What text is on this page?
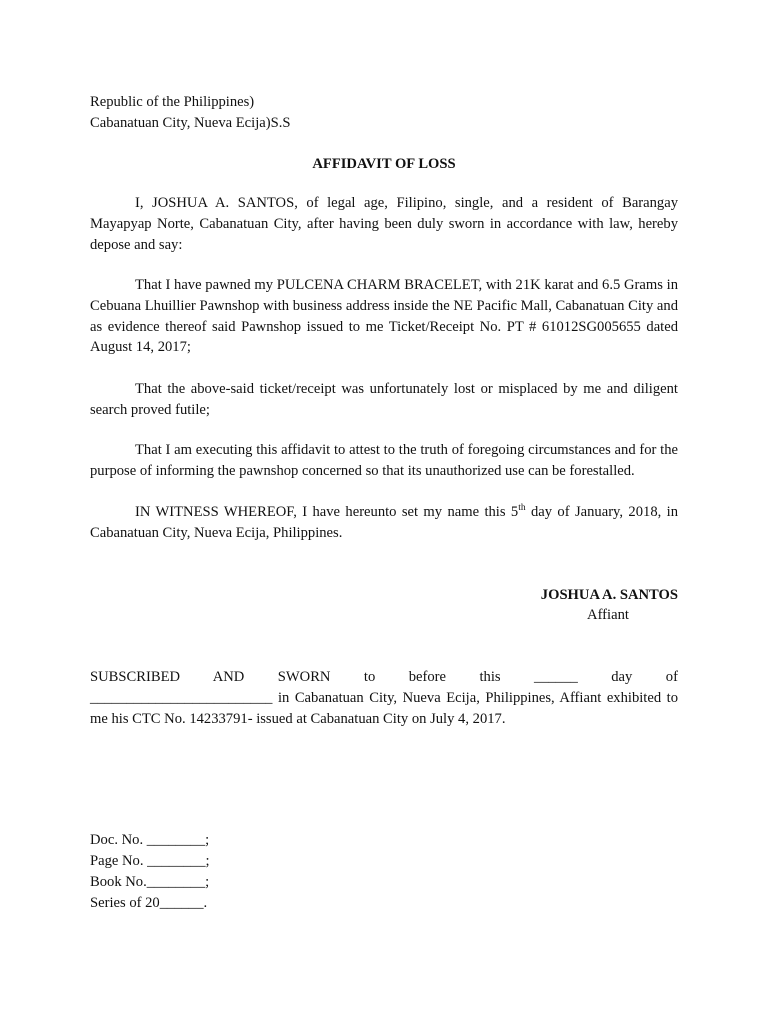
Republic of the Philippines)
Cabanatuan City, Nueva Ecija)S.S
AFFIDAVIT OF LOSS
I, JOSHUA A. SANTOS, of legal age, Filipino, single, and a resident of Barangay Mayapyap Norte, Cabanatuan City, after having been duly sworn in accordance with law, hereby depose and say:
That I have pawned my PULCENA CHARM BRACELET, with 21K karat and 6.5 Grams in Cebuana Lhuillier Pawnshop with business address inside the NE Pacific Mall, Cabanatuan City and as evidence thereof said Pawnshop issued to me Ticket/Receipt No. PT # 61012SG005655 dated August 14, 2017;
That the above-said ticket/receipt was unfortunately lost or misplaced by me and diligent search proved futile;
That I am executing this affidavit to attest to the truth of foregoing circumstances and for the purpose of informing the pawnshop concerned so that its unauthorized use can be forestalled.
IN WITNESS WHEREOF, I have hereunto set my name this 5th day of January, 2018, in Cabanatuan City, Nueva Ecija, Philippines.
JOSHUA A. SANTOS
Affiant
SUBSCRIBED AND SWORN to before this ______ day of
_________________________ in Cabanatuan City, Nueva Ecija, Philippines, Affiant exhibited to
me his CTC No. 14233791- issued at Cabanatuan City on July 4, 2017.
Doc. No. ________;
Page No. ________;
Book No.________;
Series of 20______.
